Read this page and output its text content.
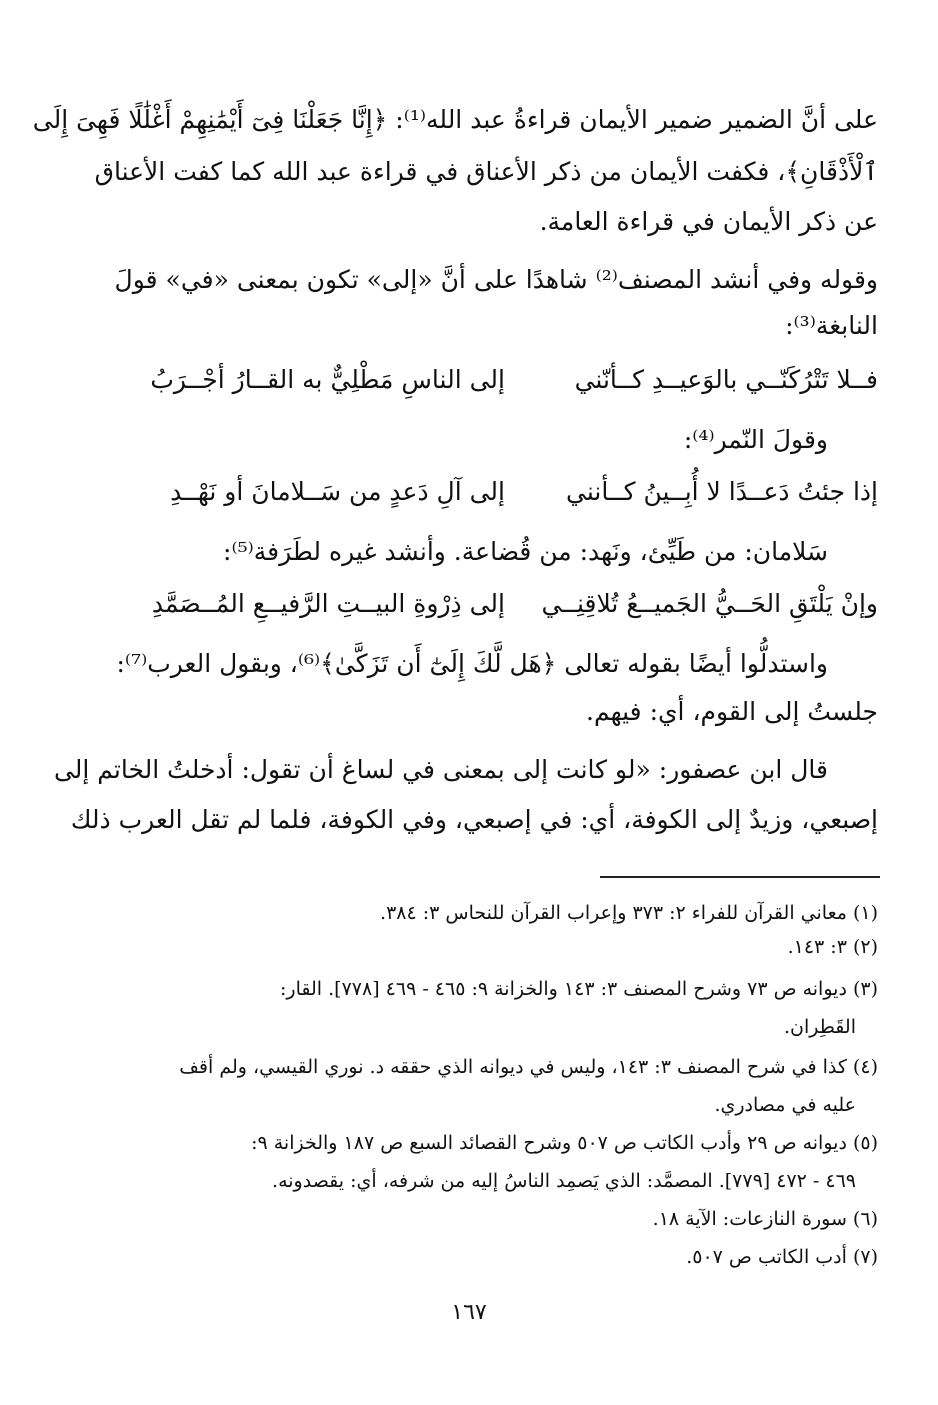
على أنَّ الضمير ضمير الأيمان قراءةُ عبد الله⁽¹⁾: ﴿إِنَّا جَعَلْنَا فِىٓ أَيْمَٰنِهِمْ أَغْلَٰلًا فَهِىَ إِلَى
ٱلْأَذْقَانِ﴾، فكفت الأيمان من ذكر الأعناق في قراءة عبد الله كما كفت الأعناق
عن ذكر الأيمان في قراءة العامة.
وقوله وفي أنشد المصنف⁽²⁾ شاهدًا على أنَّ «إلى» تكون بمعنى «في» قولَ
النابغة⁽³⁾:
فــلا تَتْرُكَنّــي بالوَعيــدِ كــأنّني
إلى الناسِ مَطْلِيٌّ به القــارُ أجْــرَبُ
وقولَ النّمر⁽⁴⁾:
إذا جئتُ دَعــدًا لا أُبِــينُ كــأنني
إلى آلِ دَعدٍ من سَــلامانَ أو نَهْــدِ
سَلامان: من طَيِّئ، ونَهد: من قُضاعة. وأنشد غيره لطَرَفة⁽⁵⁾:
وإنْ يَلْتَقِ الحَــيُّ الجَميــعُ تُلاقِنِــي
إلى ذِرْوةِ البيــتِ الرَّفيــعِ المُــصَمَّدِ
واستدلُّوا أيضًا بقوله تعالى ﴿هَل لَّكَ إِلَىٰٓ أَن تَزَكَّىٰ﴾⁽⁶⁾، وبقول العرب⁽⁷⁾:
جلستُ إلى القوم، أي: فيهم.
قال ابن عصفور: «لو كانت إلى بمعنى في لساغ أن تقول: أدخلتُ الخاتم إلى
إصبعي، وزيدٌ إلى الكوفة، أي: في إصبعي، وفي الكوفة، فلما لم تقل العرب ذلك
(١) معاني القرآن للفراء ٢: ٣٧٣ وإعراب القرآن للنحاس ٣: ٣٨٤.
(٢) ٣: ١٤٣.
(٣) ديوانه ص ٧٣ وشرح المصنف ٣: ١٤٣ والخزانة ٩: ٤٦٥ - ٤٦٩ [٧٧٨]. القار:
القَطِران.
(٤) كذا في شرح المصنف ٣: ١٤٣، وليس في ديوانه الذي حققه د. نوري القيسي، ولم أقف
عليه في مصادري.
(٥) ديوانه ص ٢٩ وأدب الكاتب ص ٥٠٧ وشرح القصائد السبع ص ١٨٧ والخزانة ٩:
٤٦٩ - ٤٧٢ [٧٧٩]. المصمَّد: الذي يَصمِد الناسُ إليه من شرفه، أي: يقصدونه.
(٦) سورة النازعات: الآية ١٨.
(٧) أدب الكاتب ص ٥٠٧.
١٦٧
